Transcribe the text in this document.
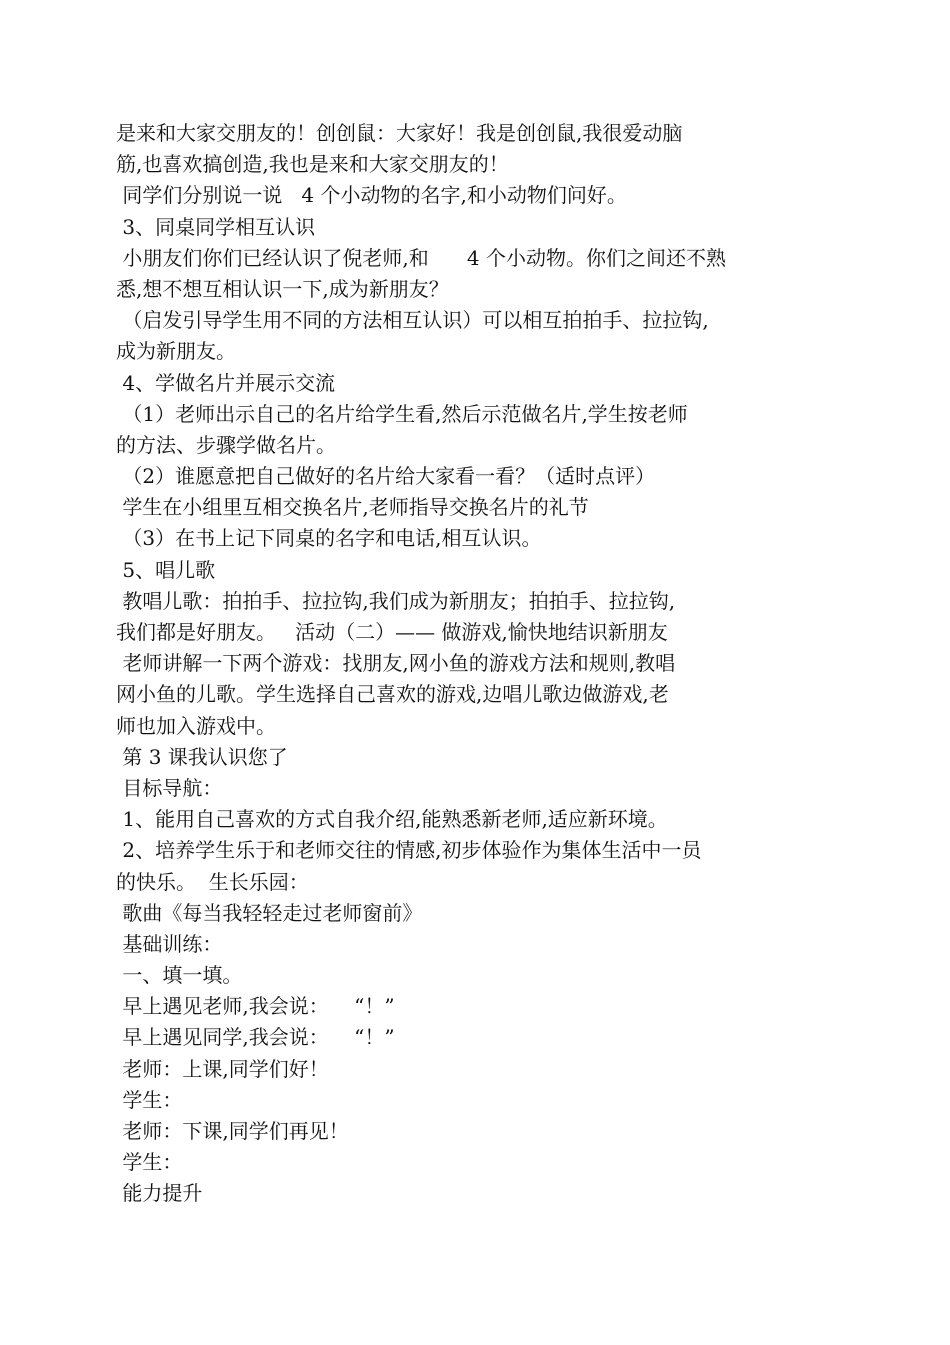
是来和大家交朋友的！创创鼠：大家好！我是创创鼠,我很爱动脑
筋,也喜欢搞创造,我也是来和大家交朋友的！
同学们分别说一说   4 个小动物的名字,和小动物们问好。
3、同桌同学相互认识
小朋友们你们已经认识了倪老师,和      4 个小动物。你们之间还不熟
悉,想不想互相认识一下,成为新朋友？
（启发引导学生用不同的方法相互认识）可以相互拍拍手、拉拉钩,
成为新朋友。
4、学做名片并展示交流
（1）老师出示自己的名片给学生看,然后示范做名片,学生按老师
的方法、步骤学做名片。
（2）谁愿意把自己做好的名片给大家看一看？（适时点评）
学生在小组里互相交换名片,老师指导交换名片的礼节
（3）在书上记下同桌的名字和电话,相互认识。
5、唱儿歌
教唱儿歌：拍拍手、拉拉钩,我们成为新朋友；拍拍手、拉拉钩,
我们都是好朋友。   活动（二）—— 做游戏,愉快地结识新朋友
老师讲解一下两个游戏：找朋友,网小鱼的游戏方法和规则,教唱
网小鱼的儿歌。学生选择自己喜欢的游戏,边唱儿歌边做游戏,老
师也加入游戏中。
第 3 课我认识您了
目标导航：
1、能用自己喜欢的方式自我介绍,能熟悉新老师,适应新环境。
2、培养学生乐于和老师交往的情感,初步体验作为集体生活中一员
的快乐。  生长乐园：
歌曲《每当我轻轻走过老师窗前》
基础训练：
一、填一填。
早上遇见老师,我会说：    “！”
早上遇见同学,我会说：    “！”
老师：上课,同学们好！
学生：
老师：下课,同学们再见！
学生：
能力提升
